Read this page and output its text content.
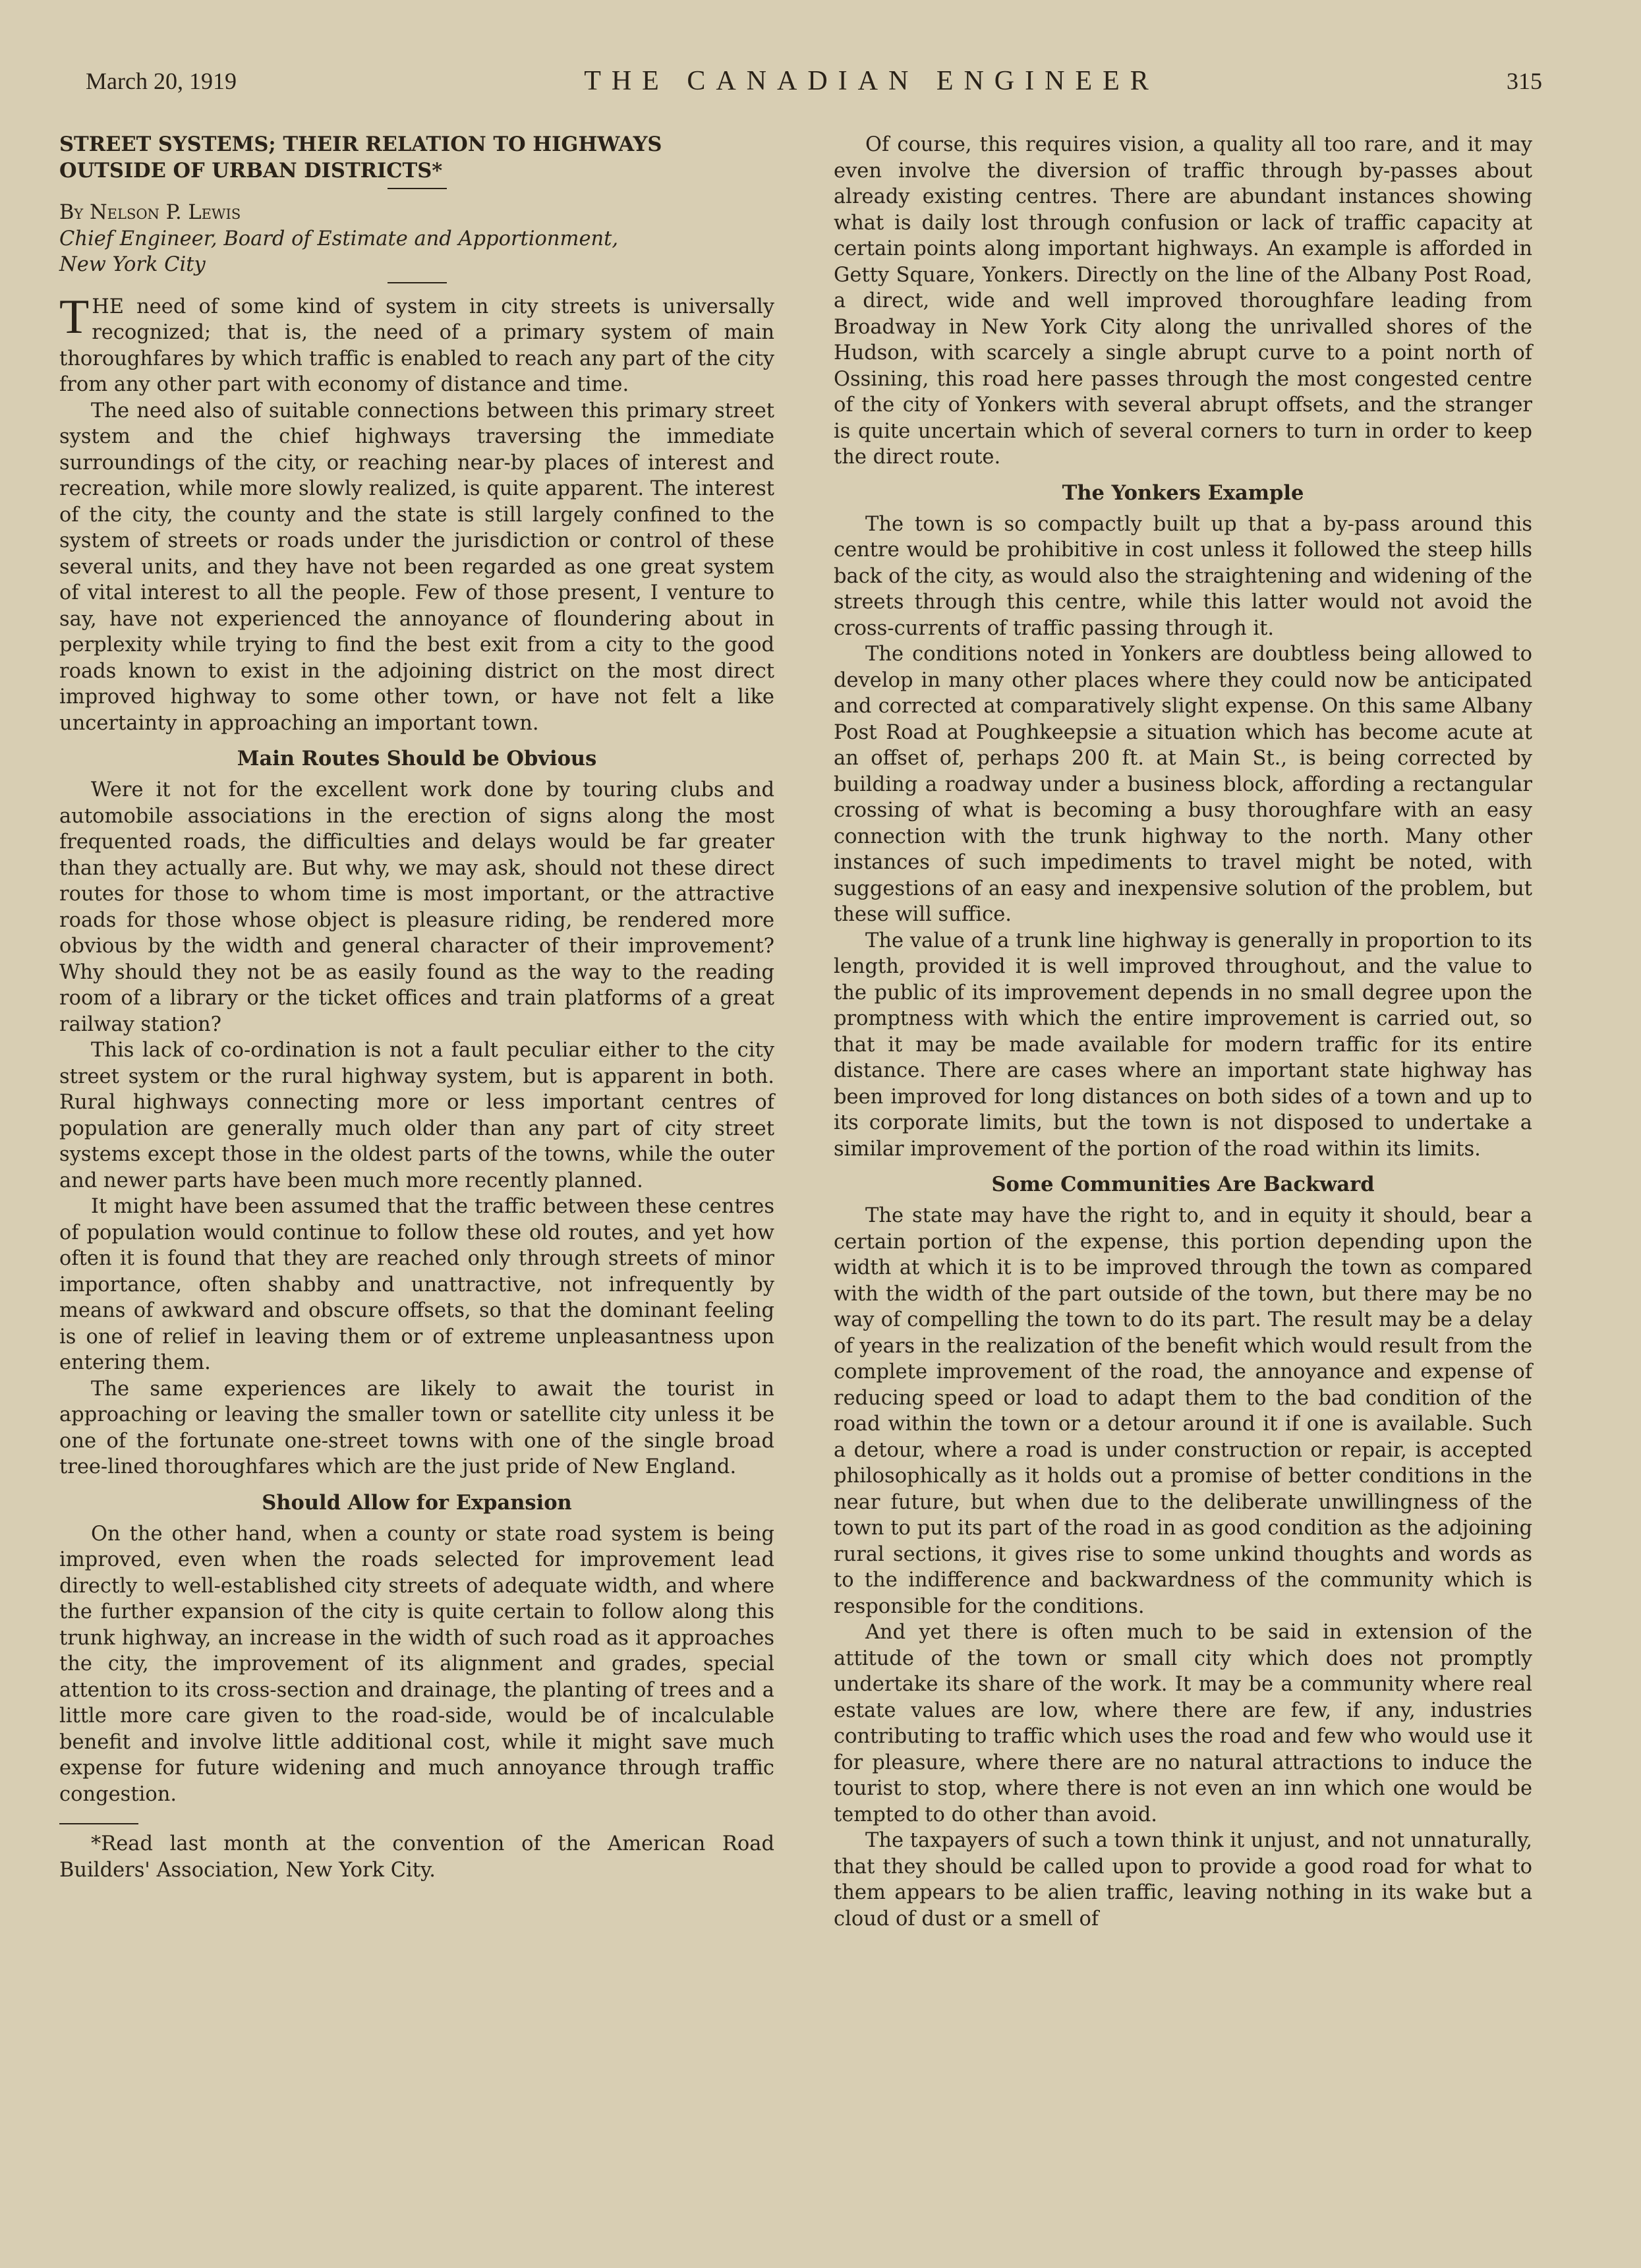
March 20, 1919	THE CANADIAN ENGINEER	315

STREET SYSTEMS; THEIR RELATION TO HIGHWAYS
OUTSIDE OF URBAN DISTRICTS*

By Nelson P. Lewis

Chief Engineer, Board of Estimate and Apportionment,
New York City

THE need of some kind of system in city streets is universally recognized; that is, the need of a primary system of main thoroughfares by which traffic is enabled to reach any part of the city from any other part with economy of distance and time.

The need also of suitable connections between this primary street system and the chief highways traversing the immediate surroundings of the city, or reaching near-by places of interest and recreation, while more slowly realized, is quite apparent. The interest of the city, the county and the state is still largely confined to the system of streets or roads under the jurisdiction or control of these several units, and they have not been regarded as one great system of vital interest to all the people. Few of those present, I venture to say, have not experienced the annoyance of floundering about in perplexity while trying to find the best exit from a city to the good roads known to exist in the adjoining district on the most direct improved highway to some other town, or have not felt a like uncertainty in approaching an important town.

Main Routes Should be Obvious

Were it not for the excellent work done by touring clubs and automobile associations in the erection of signs along the most frequented roads, the difficulties and delays would be far greater than they actually are. But why, we may ask, should not these direct routes for those to whom time is most important, or the attractive roads for those whose object is pleasure riding, be rendered more obvious by the width and general character of their improvement? Why should they not be as easily found as the way to the reading room of a library or the ticket offices and train platforms of a great railway station?

This lack of co-ordination is not a fault peculiar either to the city street system or the rural highway system, but is apparent in both. Rural highways connecting more or less important centres of population are generally much older than any part of city street systems except those in the oldest parts of the towns, while the outer and newer parts have been much more recently planned.

It might have been assumed that the traffic between these centres of population would continue to follow these old routes, and yet how often it is found that they are reached only through streets of minor importance, often shabby and unattractive, not infrequently by means of awkward and obscure offsets, so that the dominant feeling is one of relief in leaving them or of extreme unpleasantness upon entering them.

The same experiences are likely to await the tourist in approaching or leaving the smaller town or satellite city unless it be one of the fortunate one-street towns with one of the single broad tree-lined thoroughfares which are the just pride of New England.

Should Allow for Expansion

On the other hand, when a county or state road system is being improved, even when the roads selected for improvement lead directly to well-established city streets of adequate width, and where the further expansion of the city is quite certain to follow along this trunk highway, an increase in the width of such road as it approaches the city, the improvement of its alignment and grades, special attention to its cross-section and drainage, the planting of trees and a little more care given to the road-side, would be of incalculable benefit and involve little additional cost, while it might save much expense for future widening and much annoyance through traffic congestion.

*Read last month at the convention of the American Road Builders' Association, New York City.

Of course, this requires vision, a quality all too rare, and it may even involve the diversion of traffic through by-passes about already existing centres. There are abundant instances showing what is daily lost through confusion or lack of traffic capacity at certain points along important highways. An example is afforded in Getty Square, Yonkers. Directly on the line of the Albany Post Road, a direct, wide and well improved thoroughfare leading from Broadway in New York City along the unrivalled shores of the Hudson, with scarcely a single abrupt curve to a point north of Ossining, this road here passes through the most congested centre of the city of Yonkers with several abrupt offsets, and the stranger is quite uncertain which of several corners to turn in order to keep the direct route.

The Yonkers Example

The town is so compactly built up that a by-pass around this centre would be prohibitive in cost unless it followed the steep hills back of the city, as would also the straightening and widening of the streets through this centre, while this latter would not avoid the cross-currents of traffic passing through it.

The conditions noted in Yonkers are doubtless being allowed to develop in many other places where they could now be anticipated and corrected at comparatively slight expense. On this same Albany Post Road at Poughkeepsie a situation which has become acute at an offset of, perhaps 200 ft. at Main St., is being corrected by building a roadway under a business block, affording a rectangular crossing of what is becoming a busy thoroughfare with an easy connection with the trunk highway to the north. Many other instances of such impediments to travel might be noted, with suggestions of an easy and inexpensive solution of the problem, but these will suffice.

The value of a trunk line highway is generally in proportion to its length, provided it is well improved throughout, and the value to the public of its improvement depends in no small degree upon the promptness with which the entire improvement is carried out, so that it may be made available for modern traffic for its entire distance. There are cases where an important state highway has been improved for long distances on both sides of a town and up to its corporate limits, but the town is not disposed to undertake a similar improvement of the portion of the road within its limits.

Some Communities Are Backward

The state may have the right to, and in equity it should, bear a certain portion of the expense, this portion depending upon the width at which it is to be improved through the town as compared with the width of the part outside of the town, but there may be no way of compelling the town to do its part. The result may be a delay of years in the realization of the benefit which would result from the complete improvement of the road, the annoyance and expense of reducing speed or load to adapt them to the bad condition of the road within the town or a detour around it if one is available. Such a detour, where a road is under construction or repair, is accepted philosophically as it holds out a promise of better conditions in the near future, but when due to the deliberate unwillingness of the town to put its part of the road in as good condition as the adjoining rural sections, it gives rise to some unkind thoughts and words as to the indifference and backwardness of the community which is responsible for the conditions.

And yet there is often much to be said in extension of the attitude of the town or small city which does not promptly undertake its share of the work. It may be a community where real estate values are low, where there are few, if any, industries contributing to traffic which uses the road and few who would use it for pleasure, where there are no natural attractions to induce the tourist to stop, where there is not even an inn which one would be tempted to do other than avoid.

The taxpayers of such a town think it unjust, and not unnaturally, that they should be called upon to provide a good road for what to them appears to be alien traffic, leaving nothing in its wake but a cloud of dust or a smell of
